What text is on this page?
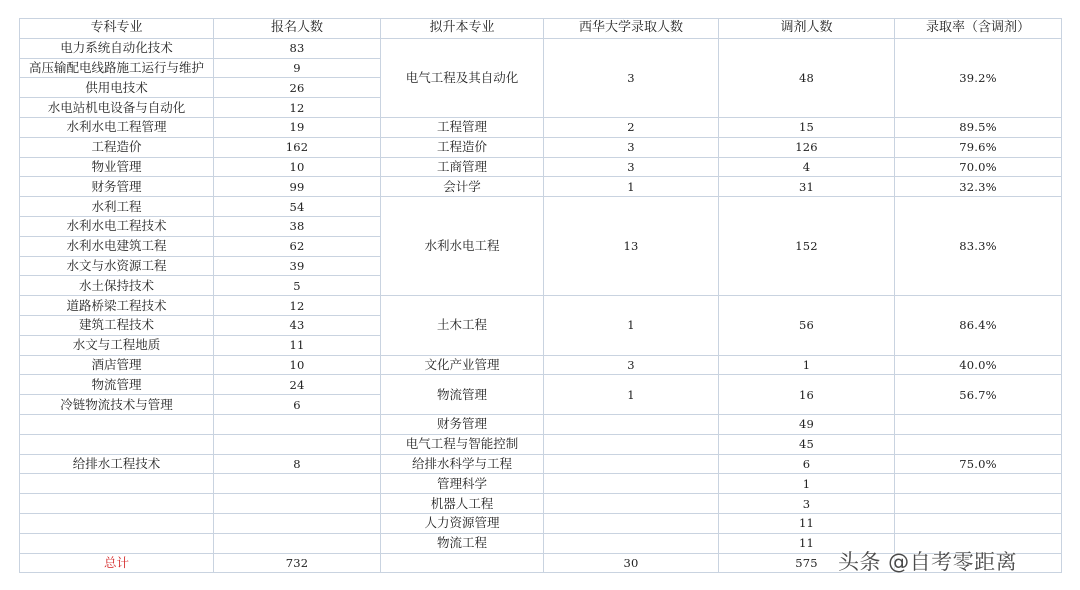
专科专业	报名人数	拟升本专业	西华大学录取人数	调剂人数	录取率（含调剂）
电力系统自动化技术	83	电气工程及其自动化	3	48	39.2%
高压输配电线路施工运行与维护	9				
供用电技术	26				
水电站机电设备与自动化	12				
水利水电工程管理	19	工程管理	2	15	89.5%
工程造价	162	工程造价	3	126	79.6%
物业管理	10	工商管理	3	4	70.0%
财务管理	99	会计学	1	31	32.3%
水利工程	54	水利水电工程	13	152	83.3%
水利水电工程技术	38				
水利水电建筑工程	62				
水文与水资源工程	39				
水土保持技术	5				
道路桥梁工程技术	12	土木工程	1	56	86.4%
建筑工程技术	43				
水文与工程地质	11				
酒店管理	10	文化产业管理	3	1	40.0%
物流管理	24	物流管理	1	16	56.7%
冷链物流技术与管理	6				
		财务管理		49	
		电气工程与智能控制		45	
给排水工程技术	8	给排水科学与工程		6	75.0%
		管理科学		1	
		机器人工程		3	
		人力资源管理		11	
		物流工程		11	
总计	732		30	575	头条 @自考零距离
